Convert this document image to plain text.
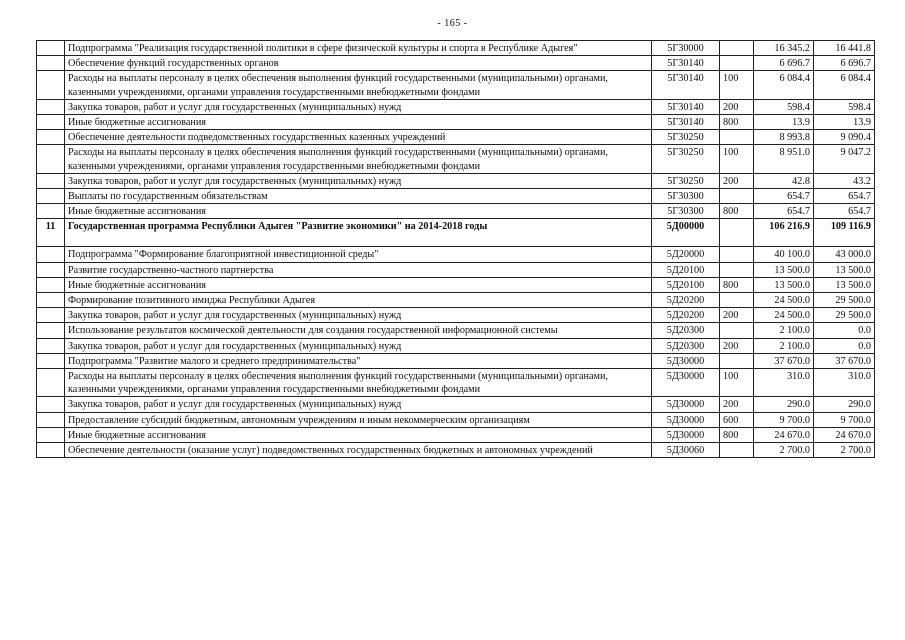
- 165 -
	Подпрограмма "Реализация государственной политики в сфере физической культуры и спорта в Республике Адыгея"	5Г30000		16 345.2	16 441.8
	Обеспечение функций государственных органов	5Г30140		6 696.7	6 696.7
	Расходы на выплаты персоналу в целях обеспечения выполнения функций государственными (муниципальными) органами, казенными учреждениями, органами управления государственными внебюджетными фондами	5Г30140	100	6 084.4	6 084.4
	Закупка товаров, работ и услуг для государственных (муниципальных) нужд	5Г30140	200	598.4	598.4
	Иные бюджетные ассигнования	5Г30140	800	13.9	13.9
	Обеспечение деятельности подведомственных государственных казенных учреждений	5Г30250		8 993.8	9 090.4
	Расходы на выплаты персоналу в целях обеспечения выполнения функций государственными (муниципальными) органами, казенными учреждениями, органами управления государственными внебюджетными фондами	5Г30250	100	8 951.0	9 047.2
	Закупка товаров, работ и услуг для государственных (муниципальных) нужд	5Г30250	200	42.8	43.2
	Выплаты по государственным обязательствам	5Г30300		654.7	654.7
	Иные бюджетные ассигнования	5Г30300	800	654.7	654.7
11	Государственная программа Республики Адыгея "Развитие экономики" на 2014-2018 годы	5Д00000		106 216.9	109 116.9
	Подпрограмма "Формирование благоприятной инвестиционной среды"	5Д20000		40 100.0	43 000.0
	Развитие государственно-частного партнерства	5Д20100		13 500.0	13 500.0
	Иные бюджетные ассигнования	5Д20100	800	13 500.0	13 500.0
	Формирование позитивного имиджа Республики Адыгея	5Д20200		24 500.0	29 500.0
	Закупка товаров, работ и услуг для государственных (муниципальных) нужд	5Д20200	200	24 500.0	29 500.0
	Использование результатов космической деятельности для создания государственной информационной системы	5Д20300		2 100.0	0.0
	Закупка товаров, работ и услуг для государственных (муниципальных) нужд	5Д20300	200	2 100.0	0.0
	Подпрограмма "Развитие малого и среднего предпринимательства"	5Д30000		37 670.0	37 670.0
	Расходы на выплаты персоналу в целях обеспечения выполнения функций государственными (муниципальными) органами, казенными учреждениями, органами управления государственными внебюджетными фондами	5Д30000	100	310.0	310.0
	Закупка товаров, работ и услуг для государственных (муниципальных) нужд	5Д30000	200	290.0	290.0
	Предоставление субсидий бюджетным, автономным учреждениям и иным некоммерческим организациям	5Д30000	600	9 700.0	9 700.0
	Иные бюджетные ассигнования	5Д30000	800	24 670.0	24 670.0
	Обеспечение деятельности (оказание услуг) подведомственных государственных бюджетных и автономных учреждений	5Д30060		2 700.0	2 700.0
